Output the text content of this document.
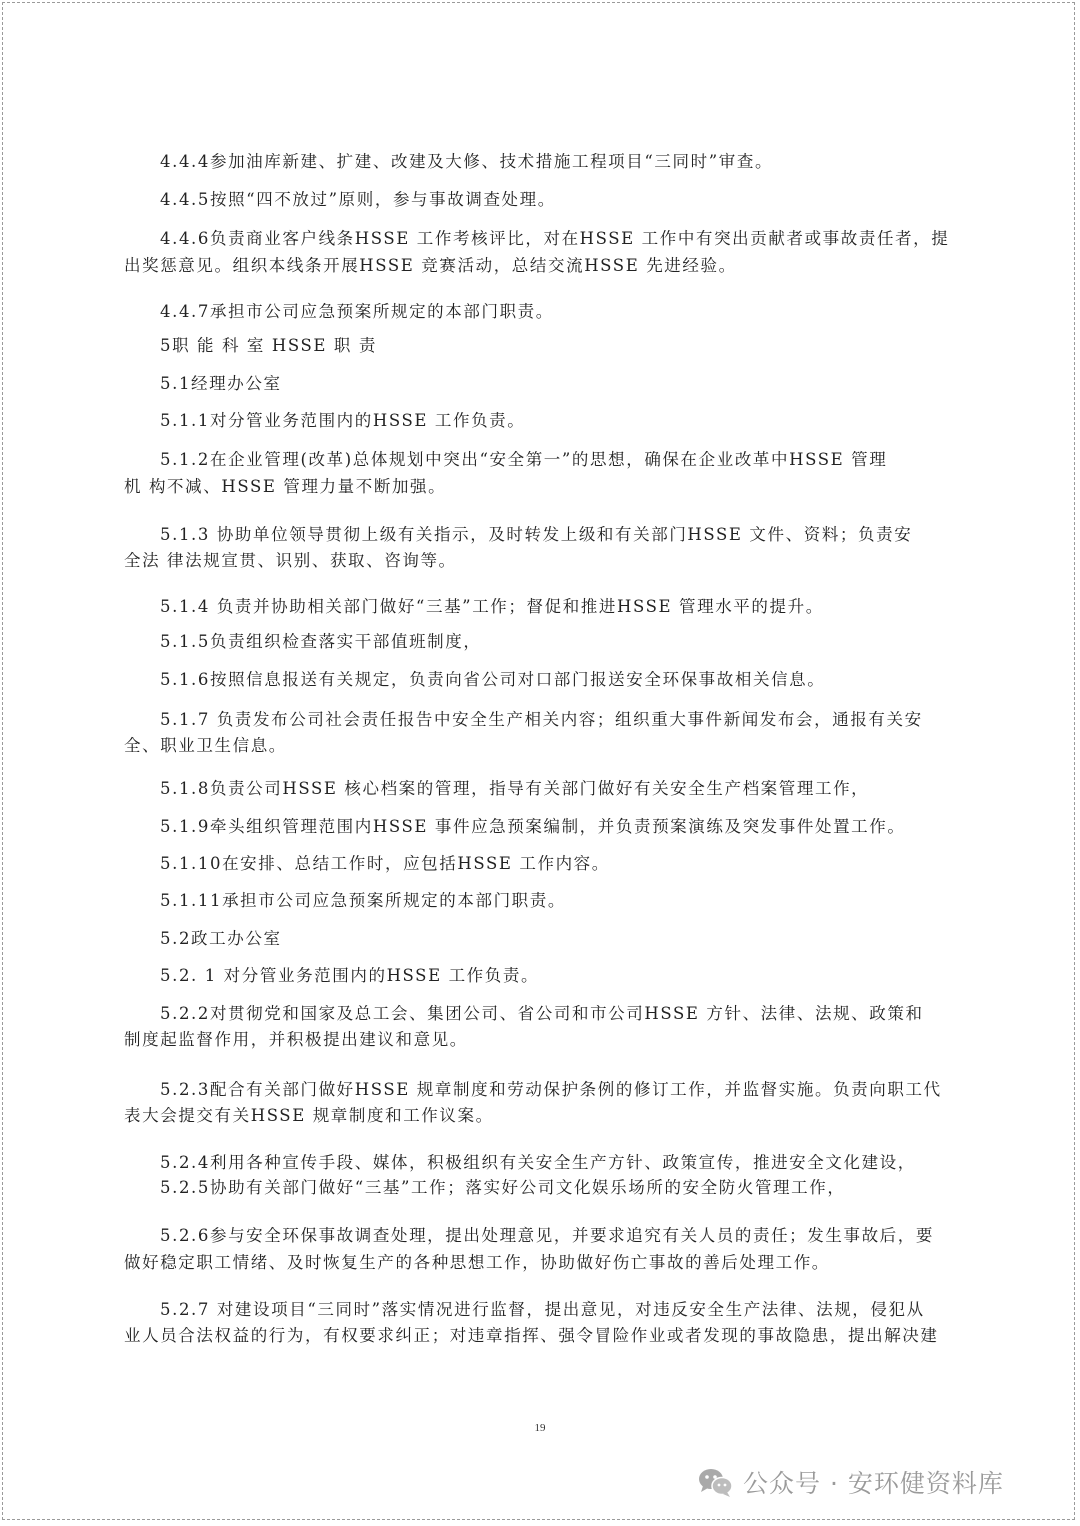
4.4.4参加油库新建、扩建、改建及大修、技术措施工程项目“三同时”审查。
4.4.5按照“四不放过”原则，参与事故调查处理。
4.4.6负责商业客户线条HSSE 工作考核评比，对在HSSE 工作中有突出贡献者或事故责任者，提
出奖惩意见。组织本线条开展HSSE 竞赛活动，总结交流HSSE 先进经验。
4.4.7承担市公司应急预案所规定的本部门职责。
5职 能 科 室 HSSE 职 责
5.1经理办公室
5.1.1对分管业务范围内的HSSE 工作负责。
5.1.2在企业管理(改革)总体规划中突出“安全第一”的思想，确保在企业改革中HSSE 管理
机 构不减、HSSE 管理力量不断加强。
5.1.3 协助单位领导贯彻上级有关指示，及时转发上级和有关部门HSSE 文件、资料；负责安
全法 律法规宣贯、识别、获取、咨询等。
5.1.4 负责并协助相关部门做好“三基”工作；督促和推进HSSE 管理水平的提升。
5.1.5负责组织检查落实干部值班制度，
5.1.6按照信息报送有关规定，负责向省公司对口部门报送安全环保事故相关信息。
5.1.7 负责发布公司社会责任报告中安全生产相关内容；组织重大事件新闻发布会，通报有关安
全、职业卫生信息。
5.1.8负责公司HSSE 核心档案的管理，指导有关部门做好有关安全生产档案管理工作，
5.1.9牵头组织管理范围内HSSE 事件应急预案编制，并负责预案演练及突发事件处置工作。
5.1.10在安排、总结工作时，应包括HSSE 工作内容。
5.1.11承担市公司应急预案所规定的本部门职责。
5.2政工办公室
5.2. 1 对分管业务范围内的HSSE 工作负责。
5.2.2对贯彻党和国家及总工会、集团公司、省公司和市公司HSSE 方针、法律、法规、政策和
制度起监督作用，并积极提出建议和意见。
5.2.3配合有关部门做好HSSE 规章制度和劳动保护条例的修订工作，并监督实施。负责向职工代
表大会提交有关HSSE 规章制度和工作议案。
5.2.4利用各种宣传手段、媒体，积极组织有关安全生产方针、政策宣传，推进安全文化建设，
5.2.5协助有关部门做好“三基”工作；落实好公司文化娱乐场所的安全防火管理工作，
5.2.6参与安全环保事故调查处理，提出处理意见，并要求追究有关人员的责任；发生事故后，要
做好稳定职工情绪、及时恢复生产的各种思想工作，协助做好伤亡事故的善后处理工作。
5.2.7 对建设项目“三同时”落实情况进行监督，提出意见，对违反安全生产法律、法规，侵犯从
业人员合法权益的行为，有权要求纠正；对违章指挥、强令冒险作业或者发现的事故隐患，提出解决建
19
公众号 · 安环健资料库
